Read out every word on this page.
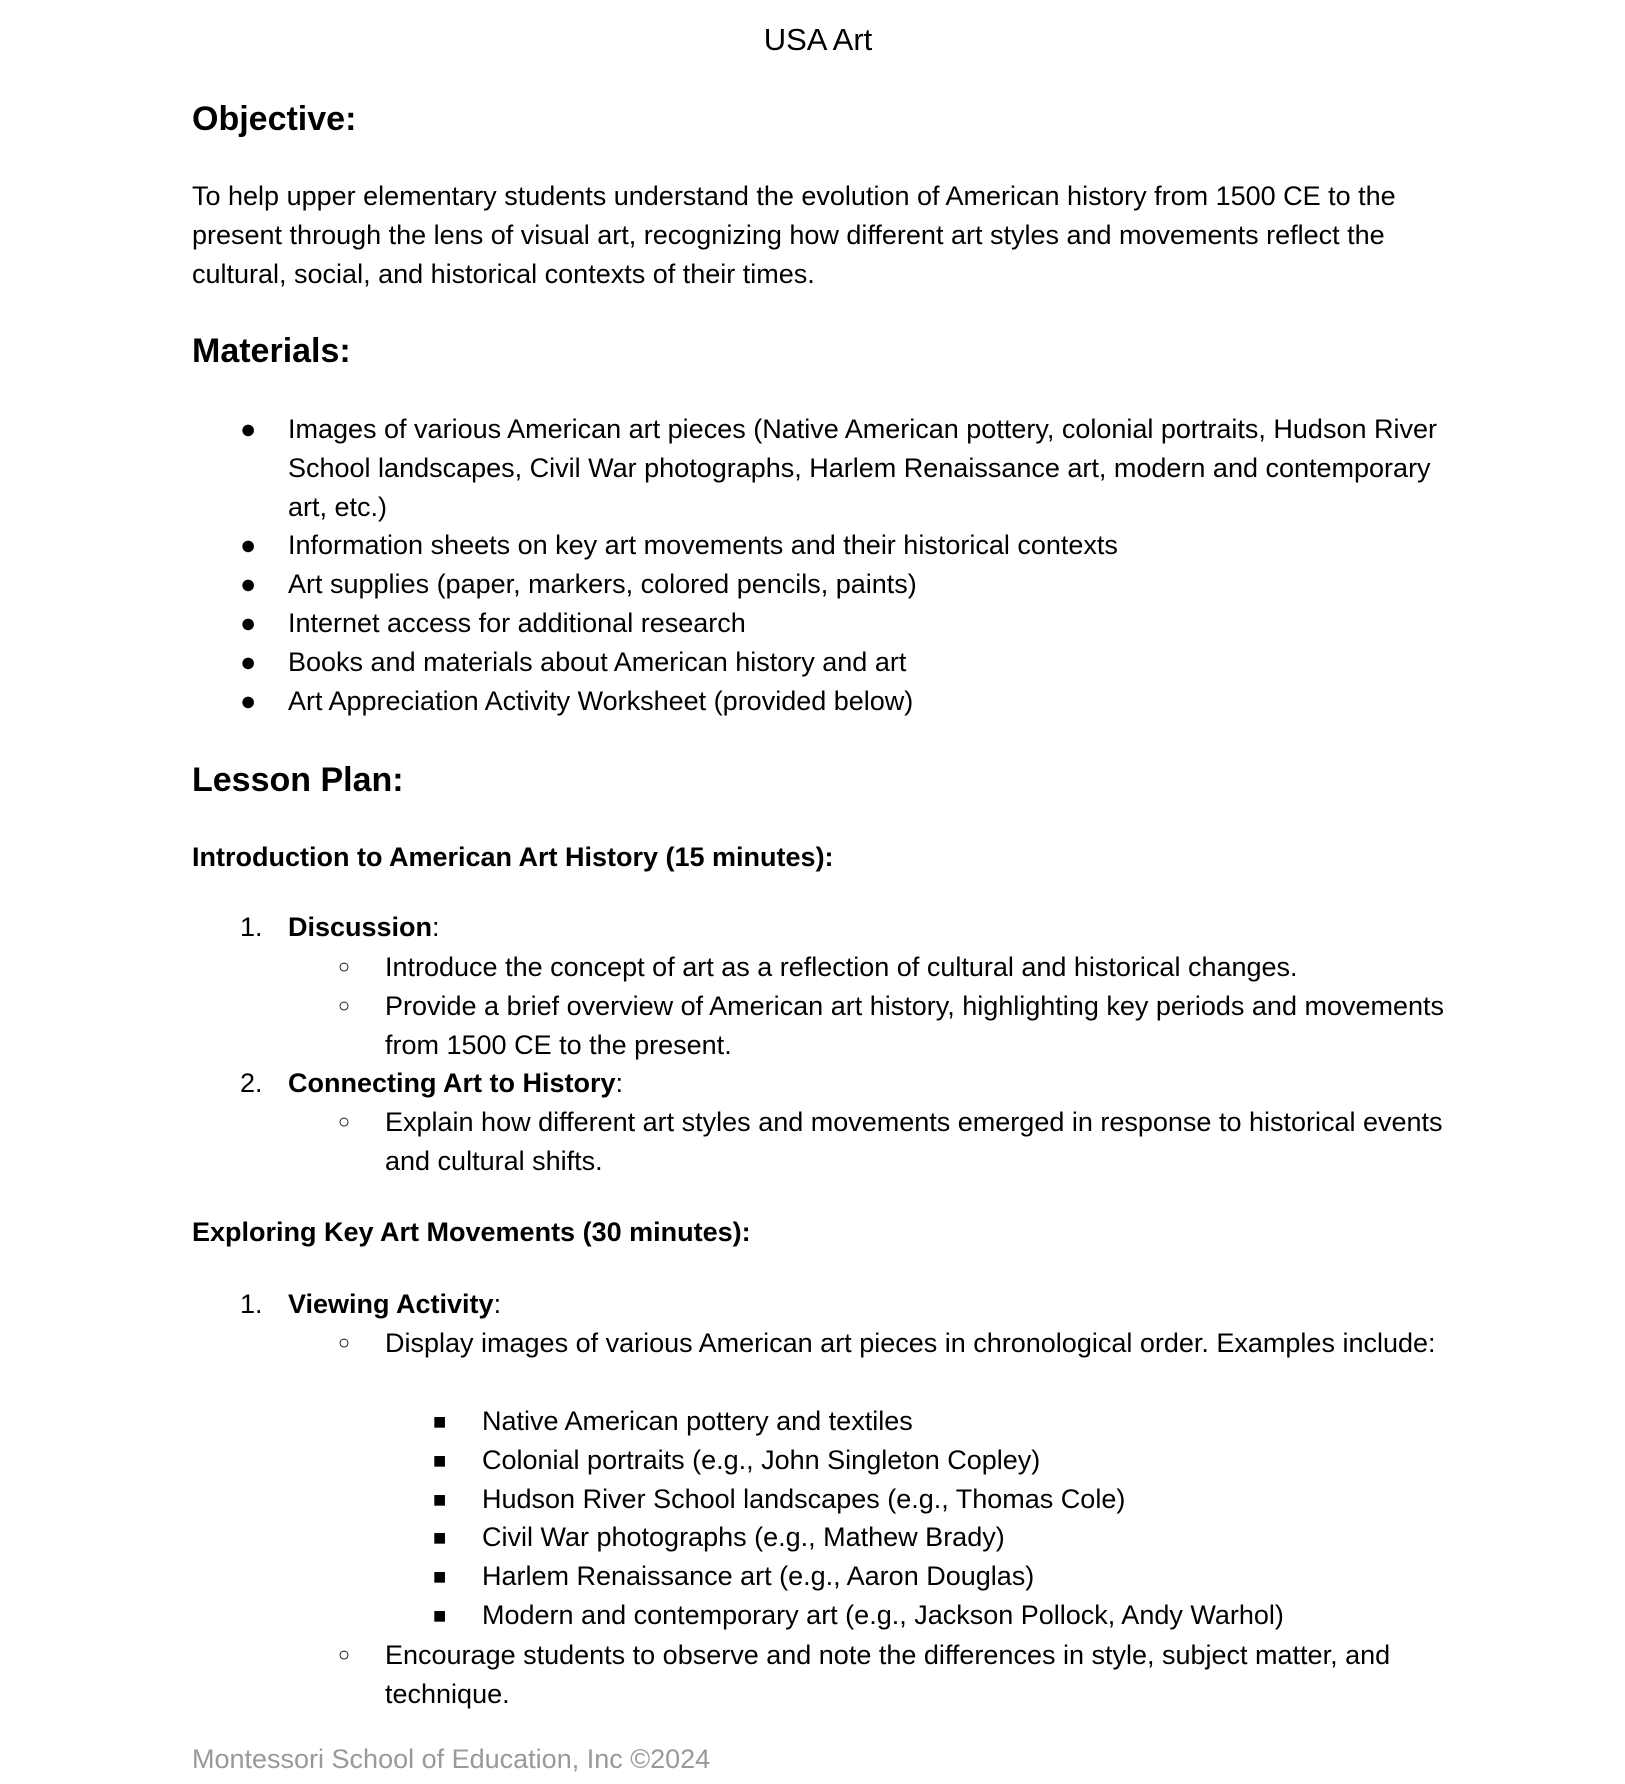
USA Art
Objective:
To help upper elementary students understand the evolution of American history from 1500 CE to the present through the lens of visual art, recognizing how different art styles and movements reflect the cultural, social, and historical contexts of their times.
Materials:
● Images of various American art pieces (Native American pottery, colonial portraits, Hudson River School landscapes, Civil War photographs, Harlem Renaissance art, modern and contemporary art, etc.)
● Information sheets on key art movements and their historical contexts
● Art supplies (paper, markers, colored pencils, paints)
● Internet access for additional research
● Books and materials about American history and art
● Art Appreciation Activity Worksheet (provided below)
Lesson Plan:
Introduction to American Art History (15 minutes):
1. Discussion:
○ Introduce the concept of art as a reflection of cultural and historical changes.
○ Provide a brief overview of American art history, highlighting key periods and movements from 1500 CE to the present.
2. Connecting Art to History:
○ Explain how different art styles and movements emerged in response to historical events and cultural shifts.
Exploring Key Art Movements (30 minutes):
1. Viewing Activity:
○ Display images of various American art pieces in chronological order. Examples include:
■ Native American pottery and textiles
■ Colonial portraits (e.g., John Singleton Copley)
■ Hudson River School landscapes (e.g., Thomas Cole)
■ Civil War photographs (e.g., Mathew Brady)
■ Harlem Renaissance art (e.g., Aaron Douglas)
■ Modern and contemporary art (e.g., Jackson Pollock, Andy Warhol)
○ Encourage students to observe and note the differences in style, subject matter, and technique.
Montessori School of Education, Inc ©2024
